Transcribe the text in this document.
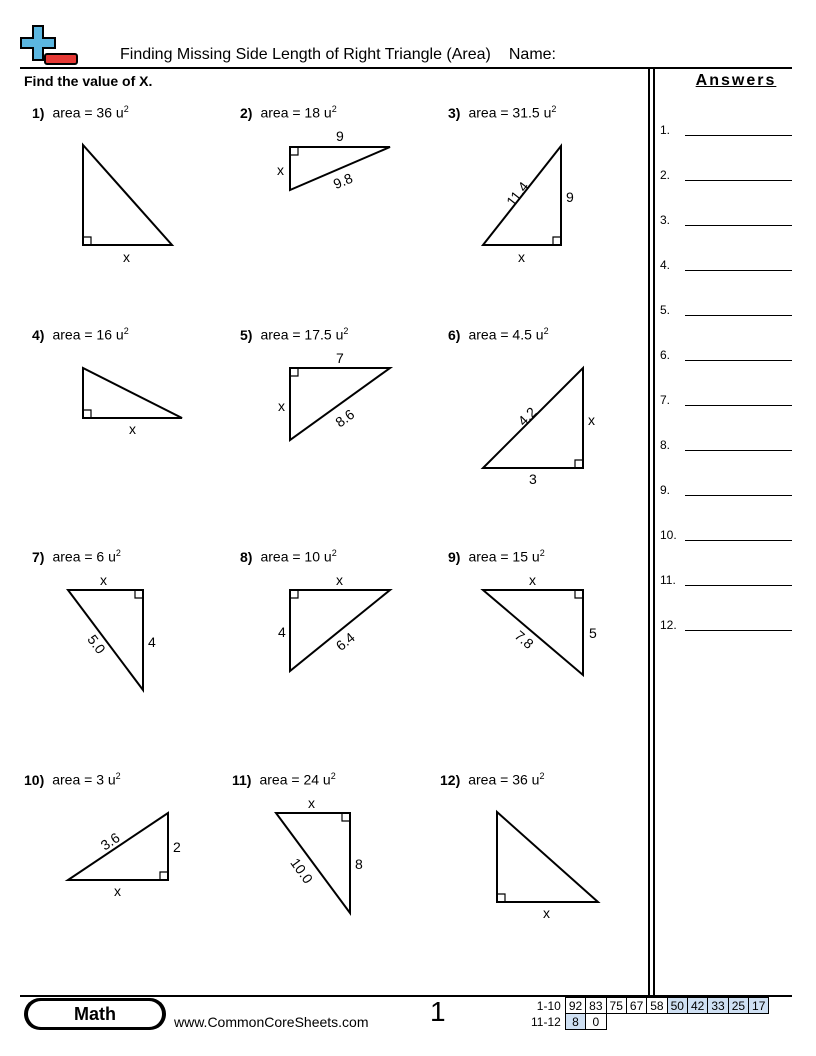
Finding Missing Side Length of Right Triangle (Area) Name:
Find the value of X.	Answers
1.
2.
3.
4.
5.
6.
7.
8.
9.
10.
11.
12.
1) area = 36 $u^2$	2) area = 18 $u^2$	3) area = 31.5 $u^2$
4) area = 16 $u^2$	5) area = 17.5 $u^2$	6) area = 4.5 $u^2$
7) area = 6 $u^2$	8) area = 10 $u^2$	9) area = 15 $u^2$
10) area = 3 $u^2$	11) area = 24 $u^2$	12) area = 36 $u^2$
x
9
x	9.8	11.4 9
x
x
7
x	8.6	4.2	x
3
x
5.0	4
x
4	6.4
x
7.8	5
3.6	2
x
x
10.0	8
x
Math	www.CommonCoreSheets.com 1	1-10	92	83	75	67	58	50	42	33	25	17
11-12	8	0								
